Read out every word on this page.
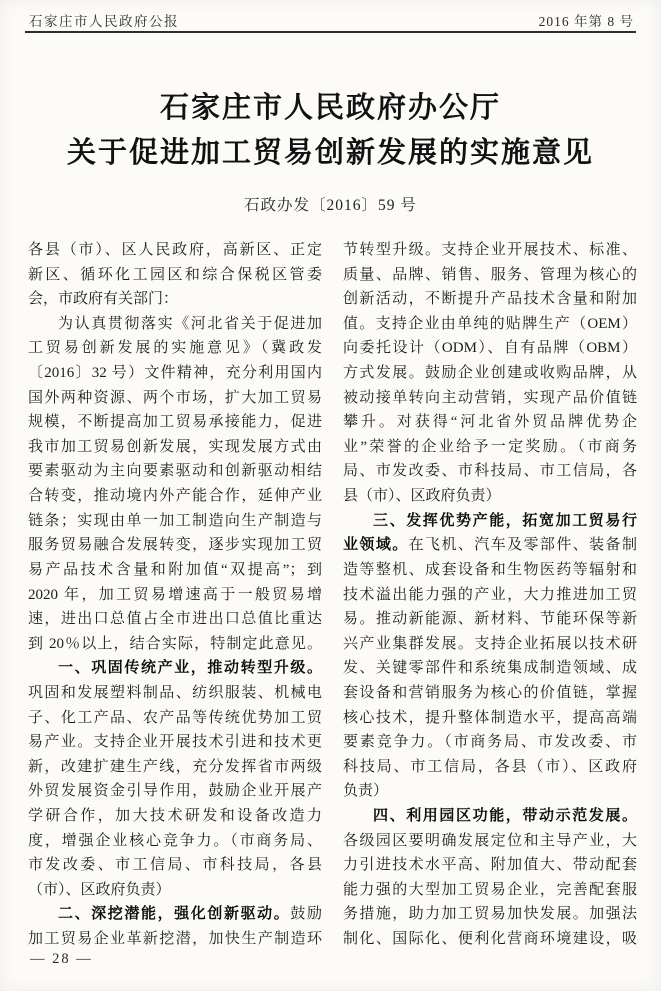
石家庄市人民政府公报	2016 年第 8 号
石家庄市人民政府办公厅
关于促进加工贸易创新发展的实施意见
石政办发〔2016〕59 号
各县（市）、区人民政府，高新区、正定
新区、循环化工园区和综合保税区管委
会，市政府有关部门：
为认真贯彻落实《河北省关于促进加
工贸易创新发展的实施意见》（冀政发
〔2016〕32 号）文件精神，充分利用国内
国外两种资源、两个市场，扩大加工贸易
规模，不断提高加工贸易承接能力，促进
我市加工贸易创新发展，实现发展方式由
要素驱动为主向要素驱动和创新驱动相结
合转变，推动境内外产能合作，延伸产业
链条；实现由单一加工制造向生产制造与
服务贸易融合发展转变，逐步实现加工贸
易产品技术含量和附加值“双提高”；到
2020 年，加工贸易增速高于一般贸易增
速，进出口总值占全市进出口总值比重达
到 20％以上，结合实际，特制定此意见。
一、巩固传统产业，推动转型升级。
巩固和发展塑料制品、纺织服装、机械电
子、化工产品、农产品等传统优势加工贸
易产业。支持企业开展技术引进和技术更
新，改建扩建生产线，充分发挥省市两级
外贸发展资金引导作用，鼓励企业开展产
学研合作，加大技术研发和设备改造力
度，增强企业核心竞争力。（市商务局、
市发改委、市工信局、市科技局，各县
（市）、区政府负责）
二、深挖潜能，强化创新驱动。鼓励
加工贸易企业革新挖潜，加快生产制造环
节转型升级。支持企业开展技术、标准、
质量、品牌、销售、服务、管理为核心的
创新活动，不断提升产品技术含量和附加
值。支持企业由单纯的贴牌生产（OEM）
向委托设计（ODM）、自有品牌（OBM）
方式发展。鼓励企业创建或收购品牌，从
被动接单转向主动营销，实现产品价值链
攀升。对获得“河北省外贸品牌优势企
业”荣誉的企业给予一定奖励。（市商务
局、市发改委、市科技局、市工信局，各
县（市）、区政府负责）
三、发挥优势产能，拓宽加工贸易行
业领域。在飞机、汽车及零部件、装备制
造等整机、成套设备和生物医药等辐射和
技术溢出能力强的产业，大力推进加工贸
易。推动新能源、新材料、节能环保等新
兴产业集群发展。支持企业拓展以技术研
发、关键零部件和系统集成制造领域、成
套设备和营销服务为核心的价值链，掌握
核心技术，提升整体制造水平，提高高端
要素竞争力。（市商务局、市发改委、市
科技局、市工信局，各县（市）、区政府
负责）
四、利用园区功能，带动示范发展。
各级园区要明确发展定位和主导产业，大
力引进技术水平高、附加值大、带动配套
能力强的大型加工贸易企业，完善配套服
务措施，助力加工贸易加快发展。加强法
制化、国际化、便利化营商环境建设，吸
— 28 —
